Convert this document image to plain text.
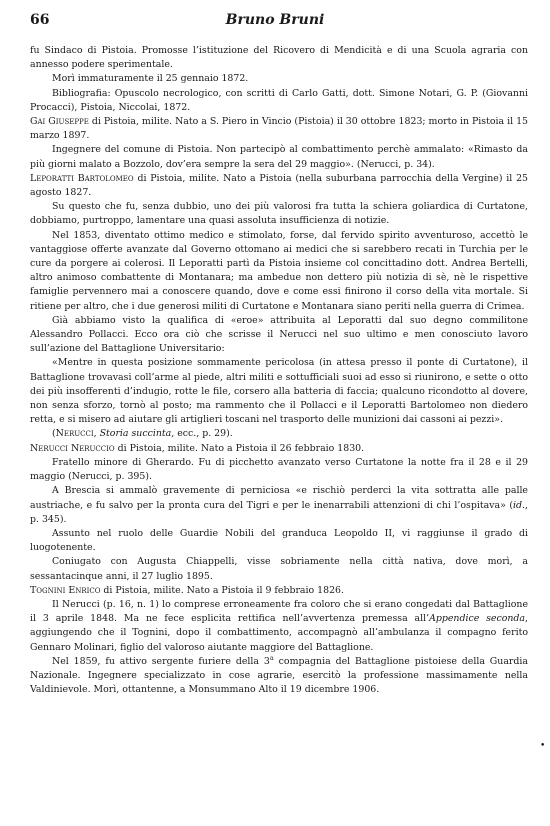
66	Bruno Bruni

fu Sindaco di Pistoia. Promosse l’istituzione del Ricovero di Mendicità e di una Scuola agraria con annesso podere sperimentale.

Morì immaturamente il 25 gennaio 1872.

Bibliografia: Opuscolo necrologico, con scritti di Carlo Gatti, dott. Simone Notari, G. P. (Giovanni Procacci), Pistoia, Niccolai, 1872.

Gai Giuseppe di Pistoia, milite. Nato a S. Piero in Vincio (Pistoia) il 30 ottobre 1823; morto in Pistoia il 15 marzo 1897.

Ingegnere del comune di Pistoia. Non partecipò al combattimento perchè ammalato: «Rimasto da più giorni malato a Bozzolo, dov’era sempre la sera del 29 maggio». (Nerucci, p. 34).

Leporatti Bartolomeo di Pistoia, milite. Nato a Pistoia (nella suburbana parrocchia della Vergine) il 25 agosto 1827.

Su questo che fu, senza dubbio, uno dei più valorosi fra tutta la schiera goliardica di Curtatone, dobbiamo, purtroppo, lamentare una quasi assoluta insufficienza di notizie.

Nel 1853, diventato ottimo medico e stimolato, forse, dal fervido spirito avventuroso, accettò le vantaggiose offerte avanzate dal Governo ottomano ai medici che si sarebbero recati in Turchia per le cure da porgere ai colerosi. Il Leporatti partì da Pistoia insieme col concittadino dott. Andrea Bertelli, altro animoso combattente di Montanara; ma ambedue non dettero più notizia di sè, nè le rispettive famiglie pervennero mai a conoscere quando, dove e come essi finirono il corso della vita mortale. Si ritiene per altro, che i due generosi militi di Curtatone e Montanara siano periti nella guerra di Crimea.

Già abbiamo visto la qualifica di «eroe» attribuita al Leporatti dal suo degno commilitone Alessandro Pollacci. Ecco ora ciò che scrisse il Nerucci nel suo ultimo e men conosciuto lavoro sull’azione del Battaglione Universitario:

«Mentre in questa posizione sommamente pericolosa (in attesa presso il ponte di Curtatone), il Battaglione trovavasi coll’arme al piede, altri militi e sottufficiali suoi ad esso si riunirono, e sette o otto dei più insofferenti d’indugio, rotte le file, corsero alla batteria di faccia; qualcuno ricondotto al dovere, non senza sforzo, tornò al posto; ma rammento che il Pollacci e il Leporatti Bartolomeo non diedero retta, e si misero ad aiutare gli artiglieri toscani nel trasporto delle munizioni dai cassoni ai pezzi».

(Nerucci, Storia succinta, ecc., p. 29).

Nerucci Neruccio di Pistoia, milite. Nato a Pistoia il 26 febbraio 1830.

Fratello minore di Gherardo. Fu di picchetto avanzato verso Curtatone la notte fra il 28 e il 29 maggio (Nerucci, p. 395).

A Brescia si ammalò gravemente di perniciosa «e rischiò perderci la vita sottratta alle palle austriache, e fu salvo per la pronta cura del Tigri e per le inenarrabili attenzioni di chi l’ospitava» (id., p. 345).

Assunto nel ruolo delle Guardie Nobili del granduca Leopoldo II, vi raggiunse il grado di luogotenente.

Coniugato con Augusta Chiappelli, visse sobriamente nella città nativa, dove morì, a sessantacinque anni, il 27 luglio 1895.

Tognini Enrico di Pistoia, milite. Nato a Pistoia il 9 febbraio 1826.

Il Nerucci (p. 16, n. 1) lo comprese erroneamente fra coloro che si erano congedati dal Battaglione il 3 aprile 1848. Ma ne fece esplicita rettifica nell’avvertenza premessa all’Appendice seconda, aggiungendo che il Tognini, dopo il combattimento, accompagnò all’ambulanza il compagno ferito Gennaro Molinari, figlio del valoroso aiutante maggiore del Battaglione.

Nel 1859, fu attivo sergente furiere della 3$^a$ compagnia del Battaglione pistoiese della Guardia Nazionale. Ingegnere specializzato in cose agrarie, esercitò la professione massimamente nella Valdinievole. Morì, ottantenne, a Monsummano Alto il 19 dicembre 1906.

•
